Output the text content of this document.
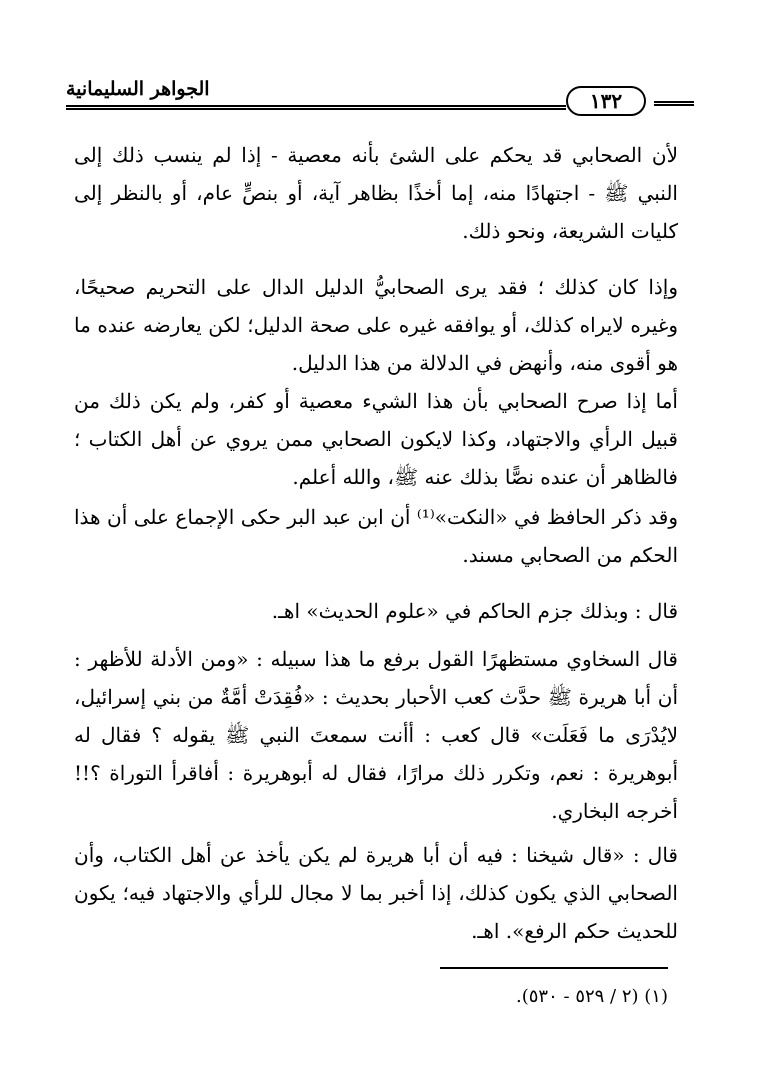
الجواهر السليمانية	١٣٢

لأن الصحابي قد يحكم على الشئ بأنه معصية - إذا لم ينسب ذلك إلى النبي ﷺ - اجتهادًا منه، إما أخذًا بظاهر آية، أو بنصٍّ عام، أو بالنظر إلى كليات الشريعة، ونحو ذلك.

وإذا كان كذلك ؛ فقد يرى الصحابيُّ الدليل الدال على التحريم صحيحًا، وغيره لايراه كذلك، أو يوافقه غيره على صحة الدليل؛ لكن يعارضه عنده ما هو أقوى منه، وأنهض في الدلالة من هذا الدليل.

أما إذا صرح الصحابي بأن هذا الشيء معصية أو كفر، ولم يكن ذلك من قبيل الرأي والاجتهاد، وكذا لايكون الصحابي ممن يروي عن أهل الكتاب ؛ فالظاهر أن عنده نصًّا بذلك عنه ﷺ، والله أعلم.

وقد ذكر الحافظ في «النكت»⁽¹⁾ أن ابن عبد البر حكى الإجماع على أن هذا الحكم من الصحابي مسند.

قال : وبذلك جزم الحاكم في «علوم الحديث» اهـ.

قال السخاوي مستظهرًا القول برفع ما هذا سبيله : «ومن الأدلة للأظهر : أن أبا هريرة ﷺ حدَّث كعب الأحبار بحديث : «فُقِدَتْ أمَّةٌ من بني إسرائيل، لايُدْرَى ما فَعَلَت» قال كعب : أأنت سمعتَ النبي ﷺ يقوله ؟ فقال له أبوهريرة : نعم، وتكرر ذلك مرارًا، فقال له أبوهريرة : أفاقرأ التوراة ؟!! أخرجه البخاري.

قال : «قال شيخنا : فيه أن أبا هريرة لم يكن يأخذ عن أهل الكتاب، وأن الصحابي الذي يكون كذلك، إذا أخبر بما لا مجال للرأي والاجتهاد فيه؛ يكون للحديث حكم الرفع». اهـ.

(١) (٢ / ٥٢٩ - ٥٣٠).
